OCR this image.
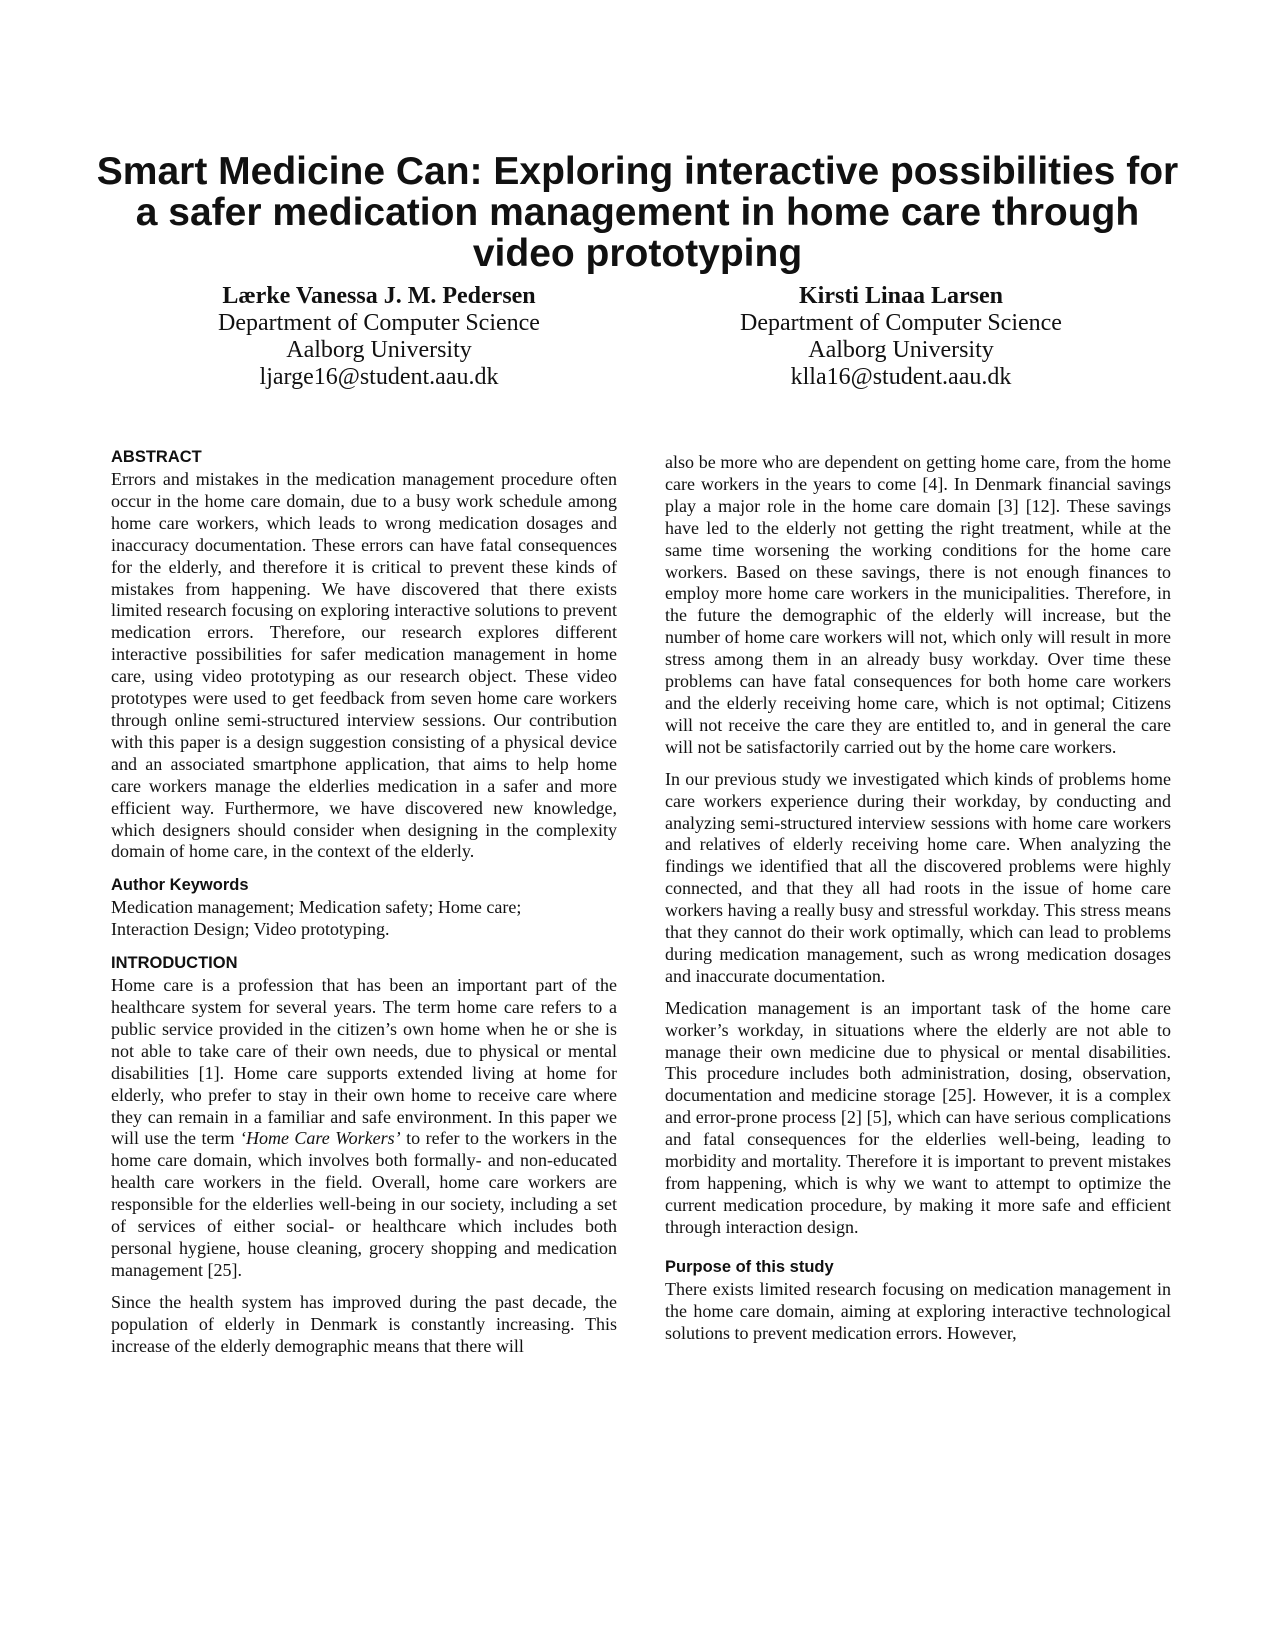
Smart Medicine Can: Exploring interactive possibilities for
a safer medication management in home care through
video prototyping
Lærke Vanessa J. M. Pedersen
Department of Computer Science
Aalborg University
ljarge16@student.aau.dk
Kirsti Linaa Larsen
Department of Computer Science
Aalborg University
klla16@student.aau.dk
ABSTRACT

Errors and mistakes in the medication management procedure often occur in the home care domain, due to a busy work schedule among home care workers, which leads to wrong medication dosages and inaccuracy documentation. These errors can have fatal consequences for the elderly, and therefore it is critical to prevent these kinds of mistakes from happening. We have discovered that there exists limited research focusing on exploring interactive solutions to prevent medication errors. Therefore, our research explores different interactive possibilities for safer medication management in home care, using video prototyping as our research object. These video prototypes were used to get feedback from seven home care workers through online semi-structured interview sessions. Our contribution with this paper is a design suggestion consisting of a physical device and an associated smartphone application, that aims to help home care workers manage the elderlies medication in a safer and more efficient way. Furthermore, we have discovered new knowledge, which designers should consider when designing in the complexity domain of home care, in the context of the elderly.

Author Keywords

Medication management; Medication safety; Home care;
Interaction Design; Video prototyping.

INTRODUCTION

Home care is a profession that has been an important part of the healthcare system for several years. The term home care refers to a public service provided in the citizen’s own home when he or she is not able to take care of their own needs, due to physical or mental disabilities [1]. Home care supports extended living at home for elderly, who prefer to stay in their own home to receive care where they can remain in a familiar and safe environment. In this paper we will use the term ‘Home Care Workers’ to refer to the workers in the home care domain, which involves both formally- and non-educated health care workers in the field. Overall, home care workers are responsible for the elderlies well-being in our society, including a set of services of either social- or healthcare which includes both personal hygiene, house cleaning, grocery shopping and medication management [25].

Since the health system has improved during the past decade, the population of elderly in Denmark is constantly increasing. This increase of the elderly demographic means that there will

also be more who are dependent on getting home care, from the home care workers in the years to come [4]. In Denmark financial savings play a major role in the home care domain [3] [12]. These savings have led to the elderly not getting the right treatment, while at the same time worsening the working conditions for the home care workers. Based on these savings, there is not enough finances to employ more home care workers in the municipalities. Therefore, in the future the demographic of the elderly will increase, but the number of home care workers will not, which only will result in more stress among them in an already busy workday. Over time these problems can have fatal consequences for both home care workers and the elderly receiving home care, which is not optimal; Citizens will not receive the care they are entitled to, and in general the care will not be satisfactorily carried out by the home care workers.

In our previous study we investigated which kinds of problems home care workers experience during their workday, by conducting and analyzing semi-structured interview sessions with home care workers and relatives of elderly receiving home care. When analyzing the findings we identified that all the discovered problems were highly connected, and that they all had roots in the issue of home care workers having a really busy and stressful workday. This stress means that they cannot do their work optimally, which can lead to problems during medication management, such as wrong medication dosages and inaccurate documentation.

Medication management is an important task of the home care worker’s workday, in situations where the elderly are not able to manage their own medicine due to physical or mental disabilities. This procedure includes both administration, dosing, observation, documentation and medicine storage [25]. However, it is a complex and error-prone process [2] [5], which can have serious complications and fatal consequences for the elderlies well-being, leading to morbidity and mortality. Therefore it is important to prevent mistakes from happening, which is why we want to attempt to optimize the current medication procedure, by making it more safe and efficient through interaction design.

Purpose of this study

There exists limited research focusing on medication management in the home care domain, aiming at exploring interactive technological solutions to prevent medication errors. However,
